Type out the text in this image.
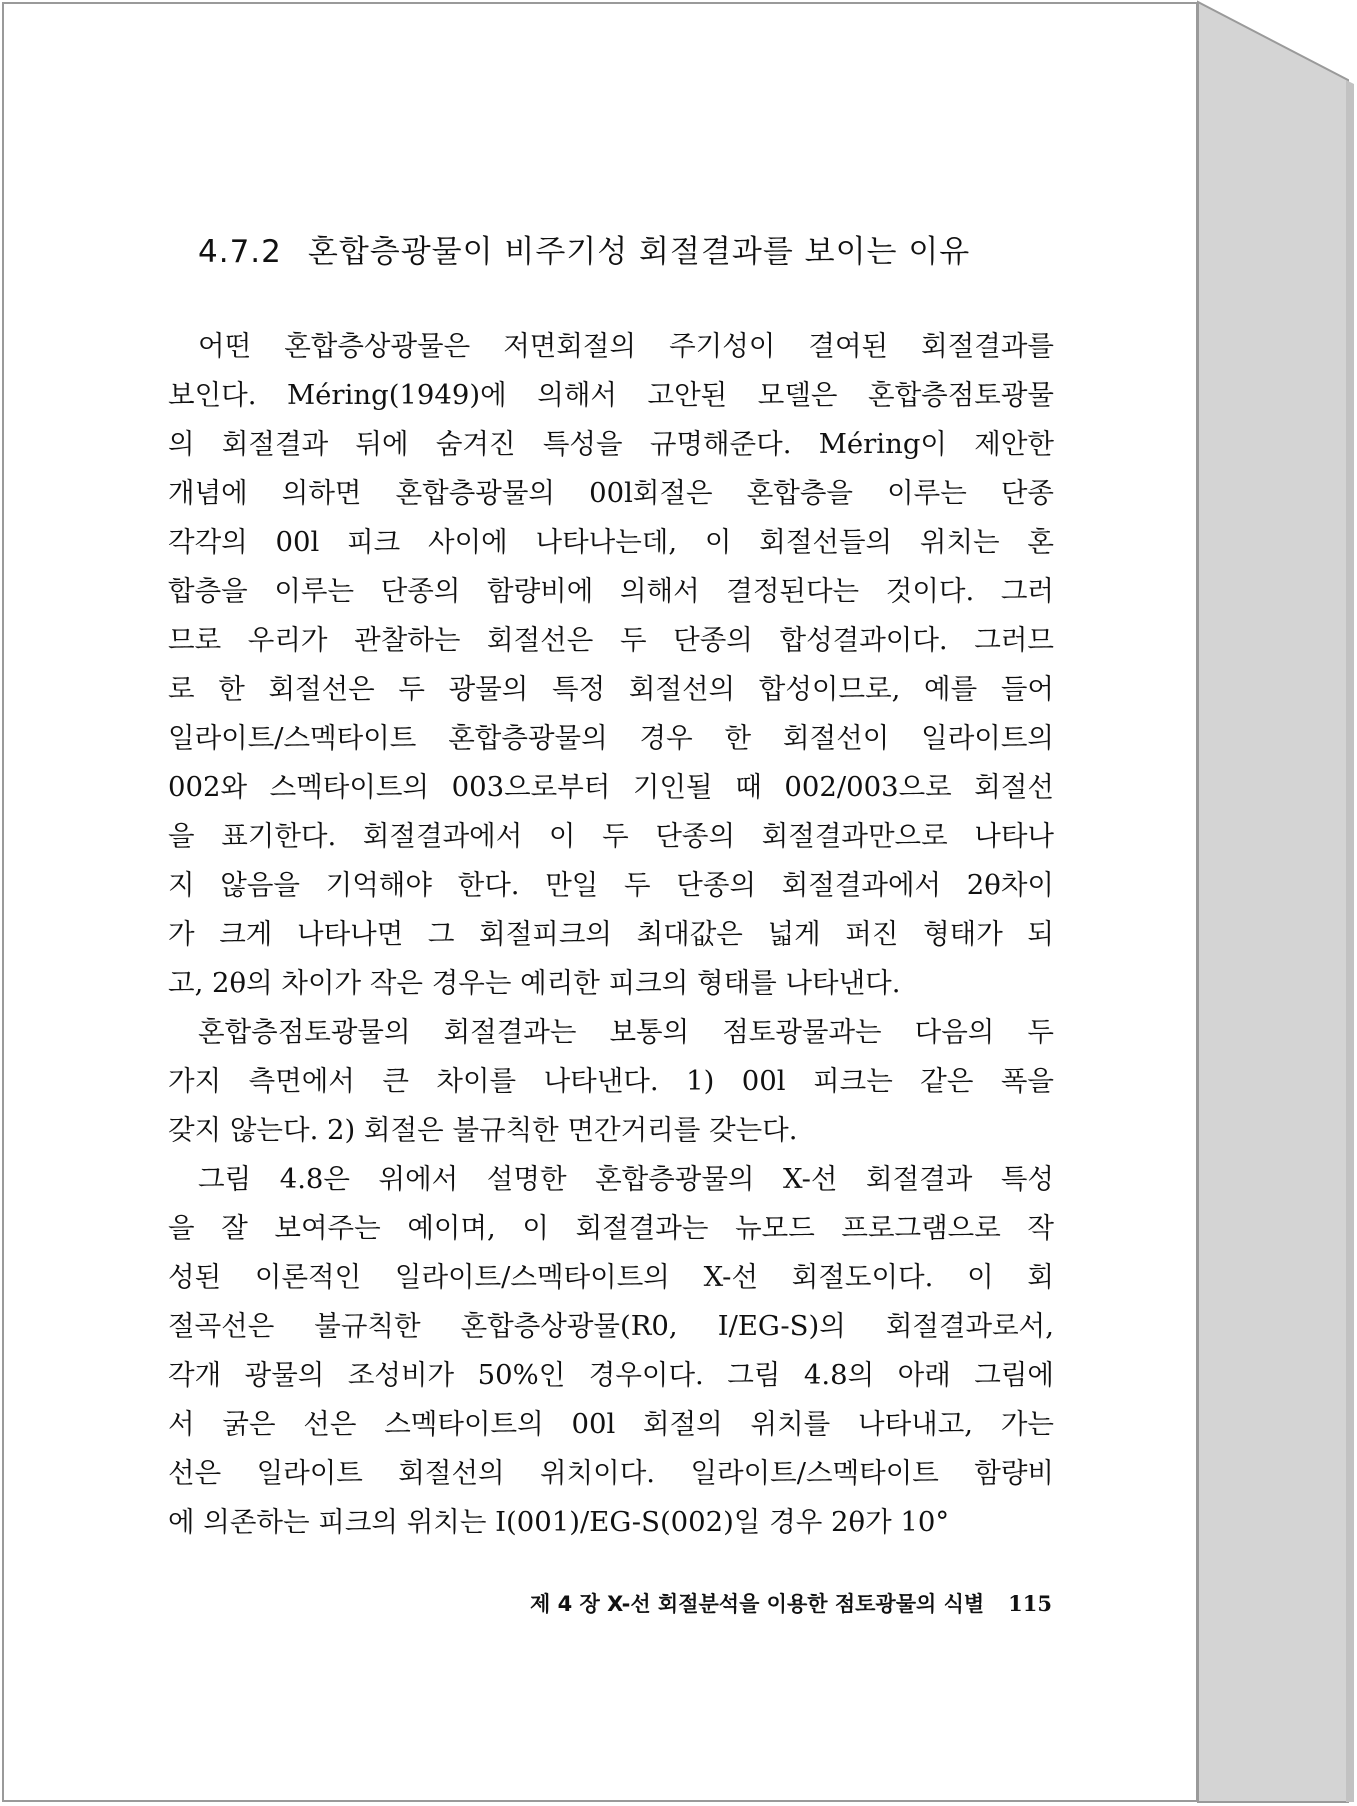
4.7.2 혼합층광물이 비주기성 회절결과를 보이는 이유
어떤 혼합층상광물은 저면회절의 주기성이 결여된 회절결과를
보인다. Méring(1949)에 의해서 고안된 모델은 혼합층점토광물
의 회절결과 뒤에 숨겨진 특성을 규명해준다. Méring이 제안한
개념에 의하면 혼합층광물의 00l회절은 혼합층을 이루는 단종
각각의 00l 피크 사이에 나타나는데, 이 회절선들의 위치는 혼
합층을 이루는 단종의 함량비에 의해서 결정된다는 것이다. 그러
므로 우리가 관찰하는 회절선은 두 단종의 합성결과이다. 그러므
로 한 회절선은 두 광물의 특정 회절선의 합성이므로, 예를 들어
일라이트/스멕타이트 혼합층광물의 경우 한 회절선이 일라이트의
002와 스멕타이트의 003으로부터 기인될 때 002/003으로 회절선
을 표기한다. 회절결과에서 이 두 단종의 회절결과만으로 나타나
지 않음을 기억해야 한다. 만일 두 단종의 회절결과에서 2θ차이
가 크게 나타나면 그 회절피크의 최대값은 넓게 퍼진 형태가 되
고, 2θ의 차이가 작은 경우는 예리한 피크의 형태를 나타낸다.
혼합층점토광물의 회절결과는 보통의 점토광물과는 다음의 두
가지 측면에서 큰 차이를 나타낸다. 1) 00l 피크는 같은 폭을
갖지 않는다. 2) 회절은 불규칙한 면간거리를 갖는다.
그림 4.8은 위에서 설명한 혼합층광물의 X-선 회절결과 특성
을 잘 보여주는 예이며, 이 회절결과는 뉴모드 프로그램으로 작
성된 이론적인 일라이트/스멕타이트의 X-선 회절도이다. 이 회
절곡선은 불규칙한 혼합층상광물(R0, I/EG-S)의 회절결과로서,
각개 광물의 조성비가 50%인 경우이다. 그림 4.8의 아래 그림에
서 굵은 선은 스멕타이트의 00l 회절의 위치를 나타내고, 가는
선은 일라이트 회절선의 위치이다. 일라이트/스멕타이트 함량비
에 의존하는 피크의 위치는 I(001)/EG-S(002)일 경우 2θ가 10°
제 4 장 X-선 회절분석을 이용한 점토광물의 식별 115
